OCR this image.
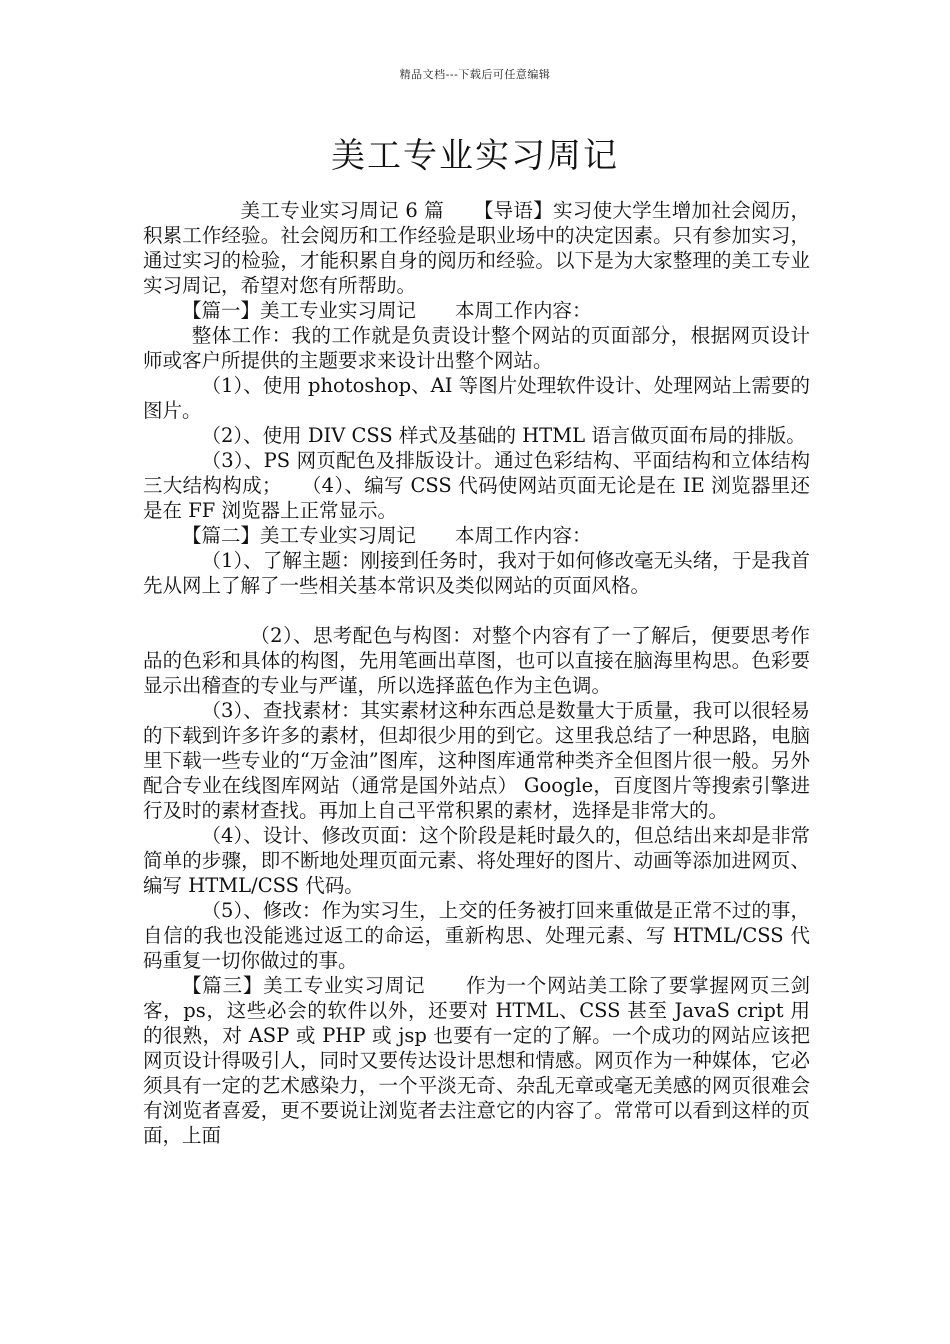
精品文档---下载后可任意编辑
美工专业实习周记

美工专业实习周记 6 篇　　【导语】实习使大学生增加社会阅历，积累工作经验。社会阅历和工作经验是职业场中的决定因素。只有参加实习，通过实习的检验，才能积累自身的阅历和经验。以下是为大家整理的美工专业实习周记，希望对您有所帮助。

【篇一】美工专业实习周记　　本周工作内容：

整体工作：我的工作就是负责设计整个网站的页面部分，根据网页设计师或客户所提供的主题要求来设计出整个网站。

（1）、使用 photoshop、AI 等图片处理软件设计、处理网站上需要的图片。

（2）、使用 DIV CSS 样式及基础的 HTML 语言做页面布局的排版。

（3）、PS 网页配色及排版设计。通过色彩结构、平面结构和立体结构三大结构构成；　　（4）、编写 CSS 代码使网站页面无论是在 IE 浏览器里还是在 FF 浏览器上正常显示。

【篇二】美工专业实习周记　　本周工作内容：

（1）、了解主题：刚接到任务时，我对于如何修改毫无头绪，于是我首先从网上了解了一些相关基本常识及类似网站的页面风格。

（2）、思考配色与构图：对整个内容有了一了解后，便要思考作品的色彩和具体的构图，先用笔画出草图，也可以直接在脑海里构思。色彩要显示出稽查的专业与严谨，所以选择蓝色作为主色调。

（3）、查找素材：其实素材这种东西总是数量大于质量，我可以很轻易的下载到许多许多的素材，但却很少用的到它。这里我总结了一种思路，电脑里下载一些专业的“万金油”图库，这种图库通常种类齐全但图片很一般。另外配合专业在线图库网站（通常是国外站点） Google，百度图片等搜索引擎进行及时的素材查找。再加上自己平常积累的素材，选择是非常大的。

（4）、设计、修改页面：这个阶段是耗时最久的，但总结出来却是非常简单的步骤，即不断地处理页面元素、将处理好的图片、动画等添加进网页、编写 HTML/CSS 代码。

（5）、修改：作为实习生，上交的任务被打回来重做是正常不过的事，自信的我也没能逃过返工的命运，重新构思、处理元素、写 HTML/CSS 代码重复一切你做过的事。

【篇三】美工专业实习周记　　作为一个网站美工除了要掌握网页三剑客，ps，这些必会的软件以外，还要对 HTML、CSS 甚至 JavaS cript 用的很熟，对 ASP 或 PHP 或 jsp 也要有一定的了解。一个成功的网站应该把网页设计得吸引人，同时又要传达设计思想和情感。网页作为一种媒体，它必须具有一定的艺术感染力，一个平淡无奇、杂乱无章或毫无美感的网页很难会有浏览者喜爱，更不要说让浏览者去注意它的内容了。常常可以看到这样的页面，上面
